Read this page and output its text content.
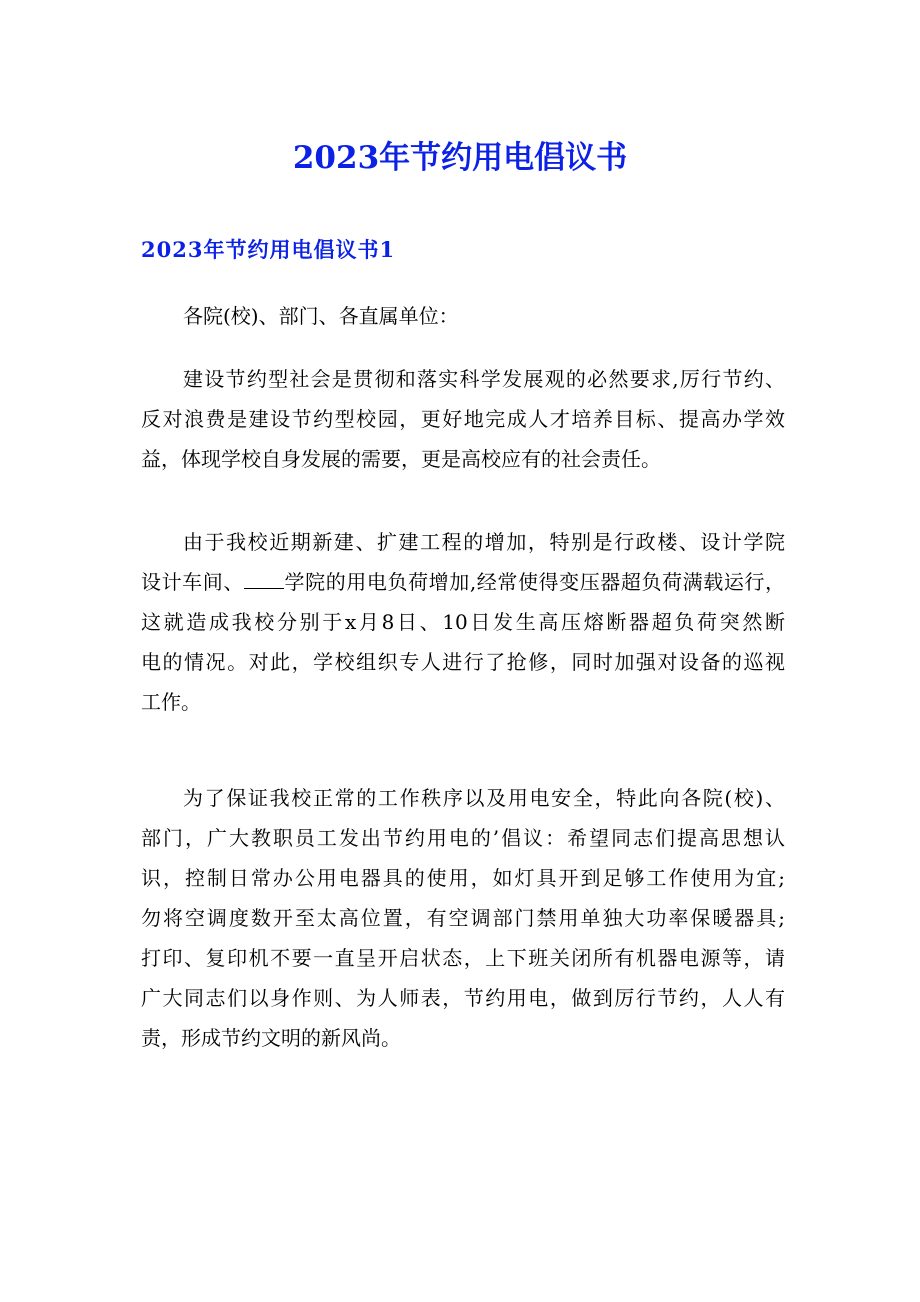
2023年节约用电倡议书
2023年节约用电倡议书1

各院(校)、部门、各直属单位：

建设节约型社会是贯彻和落实科学发展观的必然要求,厉行节约、
反对浪费是建设节约型校园，更好地完成人才培养目标、提高办学效
益，体现学校自身发展的需要，更是高校应有的社会责任。
由于我校近期新建、扩建工程的增加，特别是行政楼、设计学院
设计车间、 学院的用电负荷增加,经常使得变压器超负荷满载运行，
这就造成我校分别于x月8日、10日发生高压熔断器超负荷突然断
电的情况。对此，学校组织专人进行了抢修，同时加强对设备的巡视
工作。
为了保证我校正常的工作秩序以及用电安全，特此向各院(校)、
部门，广大教职员工发出节约用电的’倡议：希望同志们提高思想认
识，控制日常办公用电器具的使用，如灯具开到足够工作使用为宜;
勿将空调度数开至太高位置，有空调部门禁用单独大功率保暖器具;
打印、复印机不要一直呈开启状态，上下班关闭所有机器电源等，请
广大同志们以身作则、为人师表，节约用电，做到厉行节约，人人有
责，形成节约文明的新风尚。
